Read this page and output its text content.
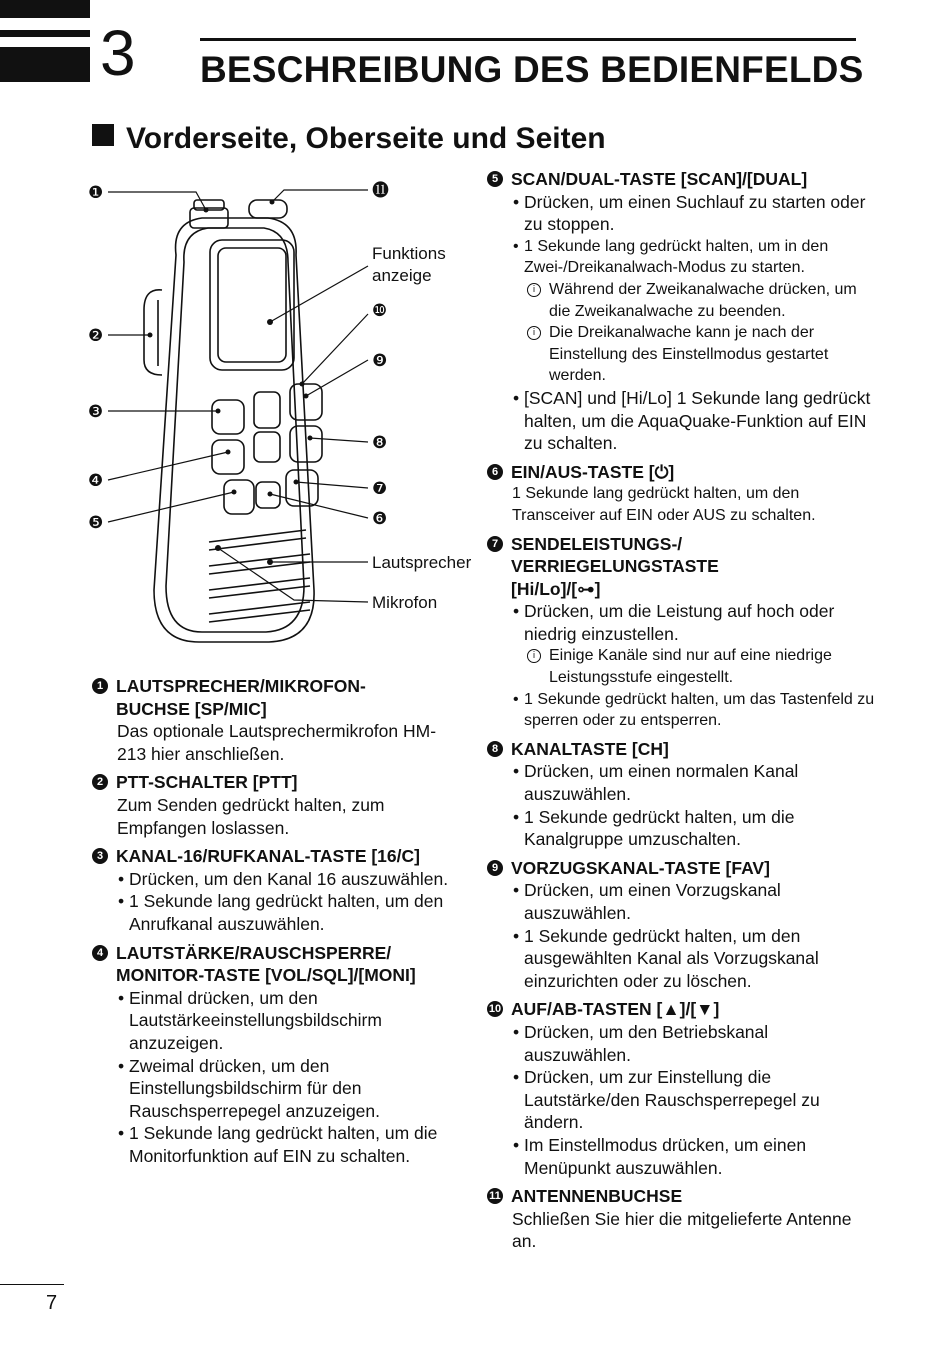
3 BESCHREIBUNG DES BEDIENFELDS
Vorderseite, Oberseite und Seiten
❶
❷
❸
❹
❺	❻
❼
❽
❾
❿
⓫
Funktions
anzeige
Lautsprecher
Mikrofon
1 LAUTSPRECHER/MIKROFON-
BUCHSE [SP/MIC]
Das optionale Lautsprechermikrofon HM-213 hier anschließen.
2 PTT-SCHALTER [PTT]
Zum Senden gedrückt halten, zum Empfangen loslassen.
3 KANAL-16/RUFKANAL-TASTE [16/C]
• Drücken, um den Kanal 16 auszuwählen.
• 1 Sekunde lang gedrückt halten, um den Anrufkanal auszuwählen.
4 LAUTSTÄRKE/RAUSCHSPERRE/
MONITOR-TASTE [VOL/SQL]/[MONI]
• Einmal drücken, um den Lautstärkeeinstellungsbildschirm anzuzeigen.
• Zweimal drücken, um den Einstellungsbildschirm für den Rauschsperrepegel anzuzeigen.
• 1 Sekunde lang gedrückt halten, um die Monitorfunktion auf EIN zu schalten.
5 SCAN/DUAL-TASTE [SCAN]/[DUAL]
• Drücken, um einen Suchlauf zu starten oder zu stoppen.
• 1 Sekunde lang gedrückt halten, um in den Zwei-/Dreikanalwach-Modus zu starten.
i Während der Zweikanalwache drücken, um die Zweikanalwache zu beenden.
i Die Dreikanalwache kann je nach der Einstellung des Einstellmodus gestartet werden.
• [SCAN] und [Hi/Lo] 1 Sekunde lang gedrückt halten, um die AquaQuake-Funktion auf EIN zu schalten.
6 EIN/AUS-TASTE [⏻]
1 Sekunde lang gedrückt halten, um den Transceiver auf EIN oder AUS zu schalten.
7 SENDELEISTUNGS-/
VERRIEGELUNGSTASTE
[Hi/Lo]/[⊶]
• Drücken, um die Leistung auf hoch oder niedrig einzustellen.
i Einige Kanäle sind nur auf eine niedrige Leistungsstufe eingestellt.
• 1 Sekunde gedrückt halten, um das Tastenfeld zu sperren oder zu entsperren.
8 KANALTASTE [CH]
• Drücken, um einen normalen Kanal auszuwählen.
• 1 Sekunde gedrückt halten, um die Kanalgruppe umzuschalten.
9 VORZUGSKANAL-TASTE [FAV]
• Drücken, um einen Vorzugskanal auszuwählen.
• 1 Sekunde gedrückt halten, um den ausgewählten Kanal als Vorzugskanal einzurichten oder zu löschen.
10 AUF/AB-TASTEN [▲]/[▼]
• Drücken, um den Betriebskanal auszuwählen.
• Drücken, um zur Einstellung die Lautstärke/den Rauschsperrepegel zu ändern.
• Im Einstellmodus drücken, um einen Menüpunkt auszuwählen.
11 ANTENNENBUCHSE
Schließen Sie hier die mitgelieferte Antenne an.
7
